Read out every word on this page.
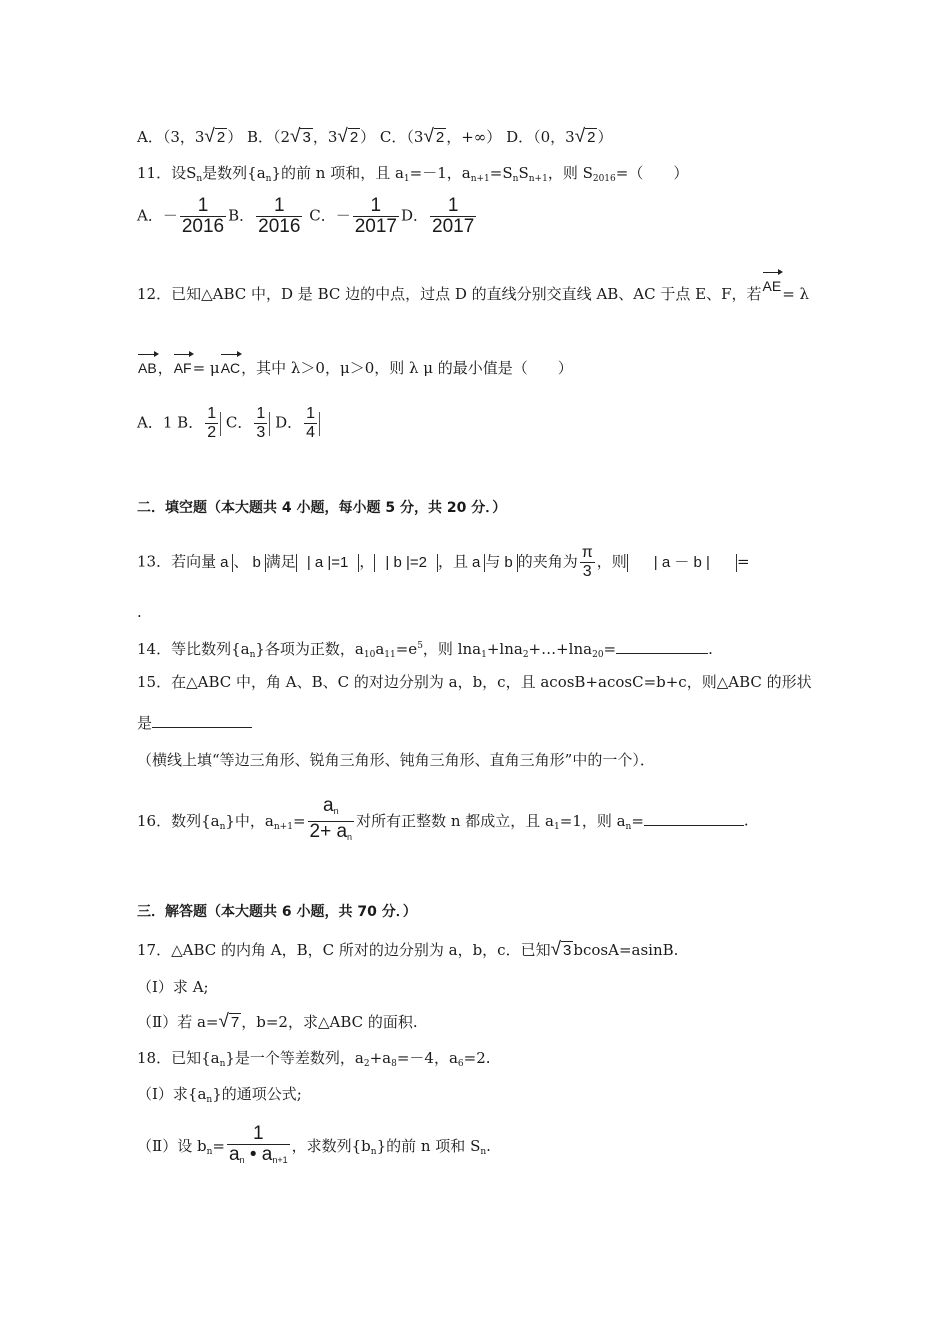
A．（3，3√ 2 ） B．（2√ 3 ，3√ 2 ） C．（3√ 2 ，+∞） D．（0，3√ 2 ）
11．设$S_n$是数列$\{a_n\}$的前 n 项和，且 $a_1=-1$，$a_{n+1}=S_nS_{n+1}$，则 $S_{2016}=$（　　）
A．－ $\frac{1}{2016}$ B． $\frac{1}{2016}$ C．－ $\frac{1}{2017}$ D． $\frac{1}{2017}$
12．已知△ABC 中，D 是 BC 边的中点，过点 D 的直线分别交直线 AB、AC 于点 E、F，若AE= λ
AB，AF= μAC，其中 λ＞0，μ＞0，则 λ μ 的最小值是（　　）
A．1 B． $\frac{1}{2}$ C． $\frac{1}{3}$ D． $\frac{1}{4}$
二．填空题（本大题共 4 小题，每小题 5 分，共 20 分．）
13．若向量 a 、 b 满足 | a |=1 ， | b |=2 ，且 a 与 b 的夹角为 $\frac{\pi}{3}$ ，则 | a － b | =
.
14．等比数列$\{a_n\}$各项为正数，$a_{10}a_{11}=e^5$，则 lna$_1$+lna$_2$+…+lna$_{20}$=	.
15．在△ABC 中，角 A、B、C 的对边分别为 a，b，c，且 acosB+acosC=b+c，则△ABC 的形状
是
（横线上填“等边三角形、锐角三角形、钝角三角形、直角三角形”中的一个）．
16．数列$\{a_n\}$中，$a_{n+1}= \frac{a_n}{2+ a_n}$ 对所有正整数 n 都成立，且 $a_1=1$，则 $a_n=$	.
三．解答题（本大题共 6 小题，共 70 分．）
17．△ABC 的内角 A，B，C 所对的边分别为 a，b，c．已知√ 3 bcosA=asinB.
（Ⅰ）求 A;
（Ⅱ）若 a=√ 7 ，b=2，求△ABC 的面积.
18．已知$\{a_n\}$是一个等差数列，$a_2+a_8=-4$，$a_6=2$.
（Ⅰ）求$\{a_n\}$的通项公式;
（Ⅱ）设 $b_n= \frac{1}{a_n • a_{n+1}}$ ，求数列$\{b_n\}$的前 n 项和 $S_n$.
